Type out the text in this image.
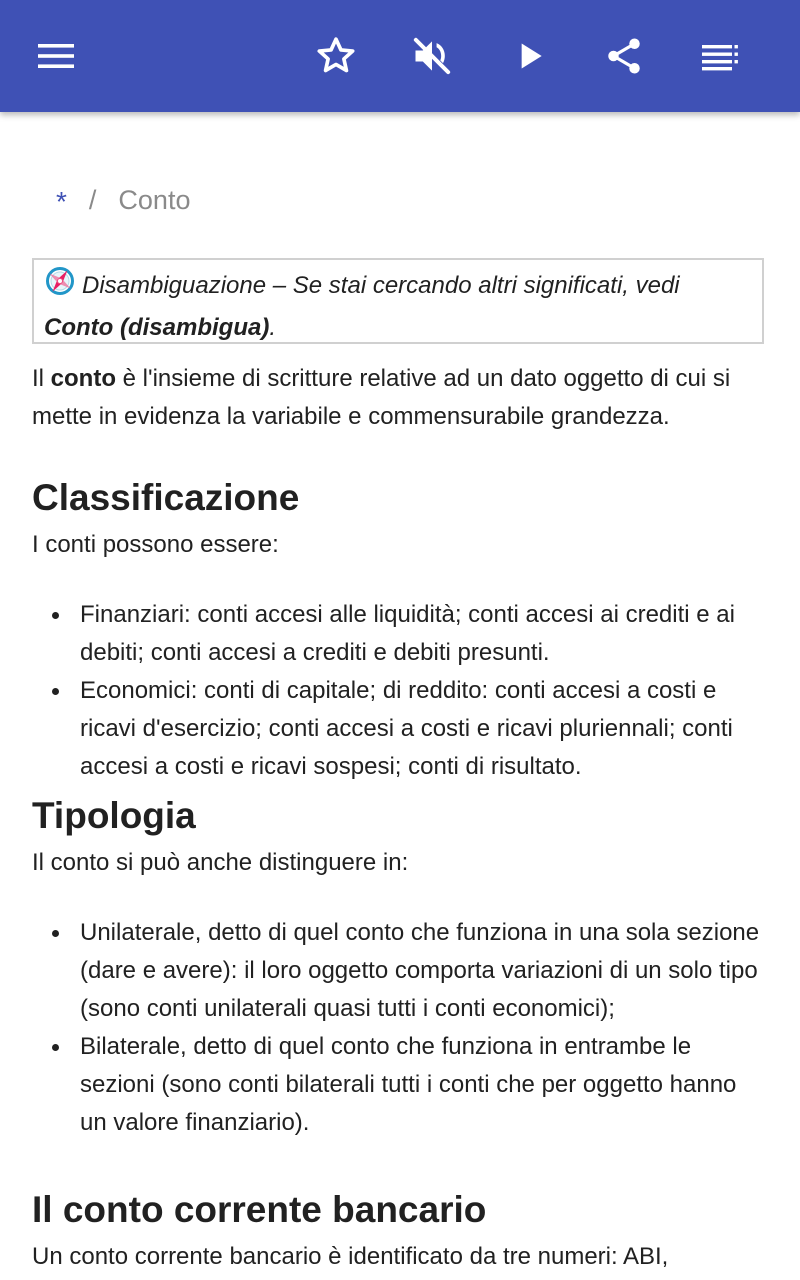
* / Conto
Disambiguazione – Se stai cercando altri significati, vedi Conto (disambigua).
Il conto è l'insieme di scritture relative ad un dato oggetto di cui si mette in evidenza la variabile e commensurabile grandezza.
Classificazione
I conti possono essere:
Finanziari: conti accesi alle liquidità; conti accesi ai crediti e ai debiti; conti accesi a crediti e debiti presunti.
Economici: conti di capitale; di reddito: conti accesi a costi e ricavi d'esercizio; conti accesi a costi e ricavi pluriennali; conti accesi a costi e ricavi sospesi; conti di risultato.
Tipologia
Il conto si può anche distinguere in:
Unilaterale, detto di quel conto che funziona in una sola sezione (dare e avere): il loro oggetto comporta variazioni di un solo tipo (sono conti unilaterali quasi tutti i conti economici);
Bilaterale, detto di quel conto che funziona in entrambe le sezioni (sono conti bilaterali tutti i conti che per oggetto hanno un valore finanziario).
Il conto corrente bancario
Un conto corrente bancario è identificato da tre numeri: ABI,
